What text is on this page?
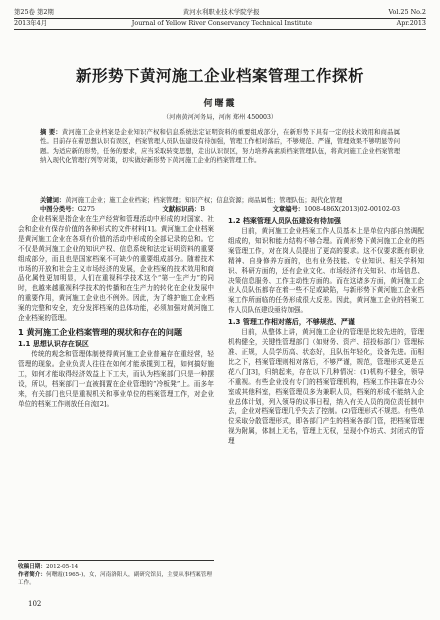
第25卷 第2期	黄河水利职业技术学院学报	Vol.25 No.2
2013年4月	Journal of Yellow River Conservancy Technical Institute	Apr.2013
新形势下黄河施工企业档案管理工作探析
何曙霞
（河南黄河河务局，河南 郑州 450003）
摘 要：黄河施工企业档案是企业知识产权和信息系统法定证明资料的重要组成部分，在新形势下具有一定的技术效用和商品属性。目前存在着思想认识有误区，档案管理人员队伍建设有待加强，管理工作相对落后，不够规范、严谨，管理效果不够明显等问题。为适应新的形势，任务的要求，应当采取转变思想，走出认识误区，努力培养高素质档案管理队伍，将黄河施工企业档案管理纳入现代化管理行列等对策，切实做好新形势下黄河施工企业的档案管理工作。
关键词：黄河施工企业；施工企业档案；档案管理；知识产权；信息资源；商品属性；管理队伍；现代化管理
中图分类号：G275	文献标识码：B	文章编号：1008-486X(2013)02-00102-03

企业档案是指企业在生产经营和管理活动中形成的对国家、社会和企业有保存价值的各种形式的文件材料[1]。黄河施工企业档案是黄河施工企业在各项有价值的活动中形成的全部记录的总和。它不仅是黄河施工企业的知识产权、信息系统和法定证明资料的重要组成部分，而且也是国家档案不可缺少的重要组成部分。随着技术市场的开放和社会主义市场经济的发展，企业档案的技术效用和商品化属性更加明显，人们在重视科学技术这个“第一生产力”的同时，也越来越重视科学技术的传播和在生产力的转化在企业发展中的重要作用，黄河施工企业也不例外。因此，为了维护施工企业档案的完整和安全，充分发挥档案的总体功能，必须加强对黄河施工企业档案的管理。

1 黄河施工企业档案管理的现状和存在的问题
1.1 思想认识存在误区

传统的观念和管理体制使得黄河施工企业普遍存在重经营，轻管理的现象。企业负责人往往在如何才能承揽到工程，如何搞好施工，如何才能取得经济效益上下工夫，而认为档案部门只是一种摆设，所以，档案部门一直被拥置在企业管理的“冷板凳”上。而多年来，有关部门也只是重视机关和事业单位的档案管理工作，对企业单位的档案工作则放任自流[2]。

1.2 档案管理人员队伍建设有待加强

目前，黄河施工企业档案工作人员基本上是单位内部自然调配组成的，知识和能力结构不够合理。而黄形势下黄河施工企业的档案管理工作，对在岗人员提出了更高的要求。这不仅要求既有职业精神、自身修养方面的，也有业务技能、专业知识、相关学科知识、科研方面的，还有企业文化、市场经济有关知识、市场信息、决策信息服务、工作主动性方面的。而在这诸多方面，黄河施工企业人员队伍都存在着一些不足或缺陷，与新形势下黄河施工企业档案工作所面临的任务形成很大反差。因此，黄河施工企业的档案工作人员队伍建设亟待加强。

1.3 管理工作相对落后，不够规范、严谨

目前，从整体上讲，黄河施工企业的管理是比较先进的，管理机构健全，关键性管理部门（如财务、资产、招投标部门）管理标准、正规，人员学历高、状态好，且队伍年轻化，设备先进。而相比之下，档案管理则相对落后，不够严谨，规范，管理形式更是五花八门[3]，归纳起来，存在以下几种情况：(1)机构不健全，领导不重视。有些企业没有专门的档案管理机构，档案工作挂靠在办公室或其他科室，档案管理员多为兼职人员，档案的形成不能纳入企业总体计划，列入领导的议事日程，纳入有关人员的岗位责任制中去，企业对档案管理几乎失去了控制。(2)管理形式不规范。有些单位采取分散管理形式，即各部门产生的档案各部门管，把档案管理视为附属，体制上无名，管理上无权，呈现小作坊式、封闭式的管理

收稿日期：2012-05-14
作者简介：何曙霞(1965-)，女，河南洛阳人，副研究馆员，主要从事档案管理工作。
102
